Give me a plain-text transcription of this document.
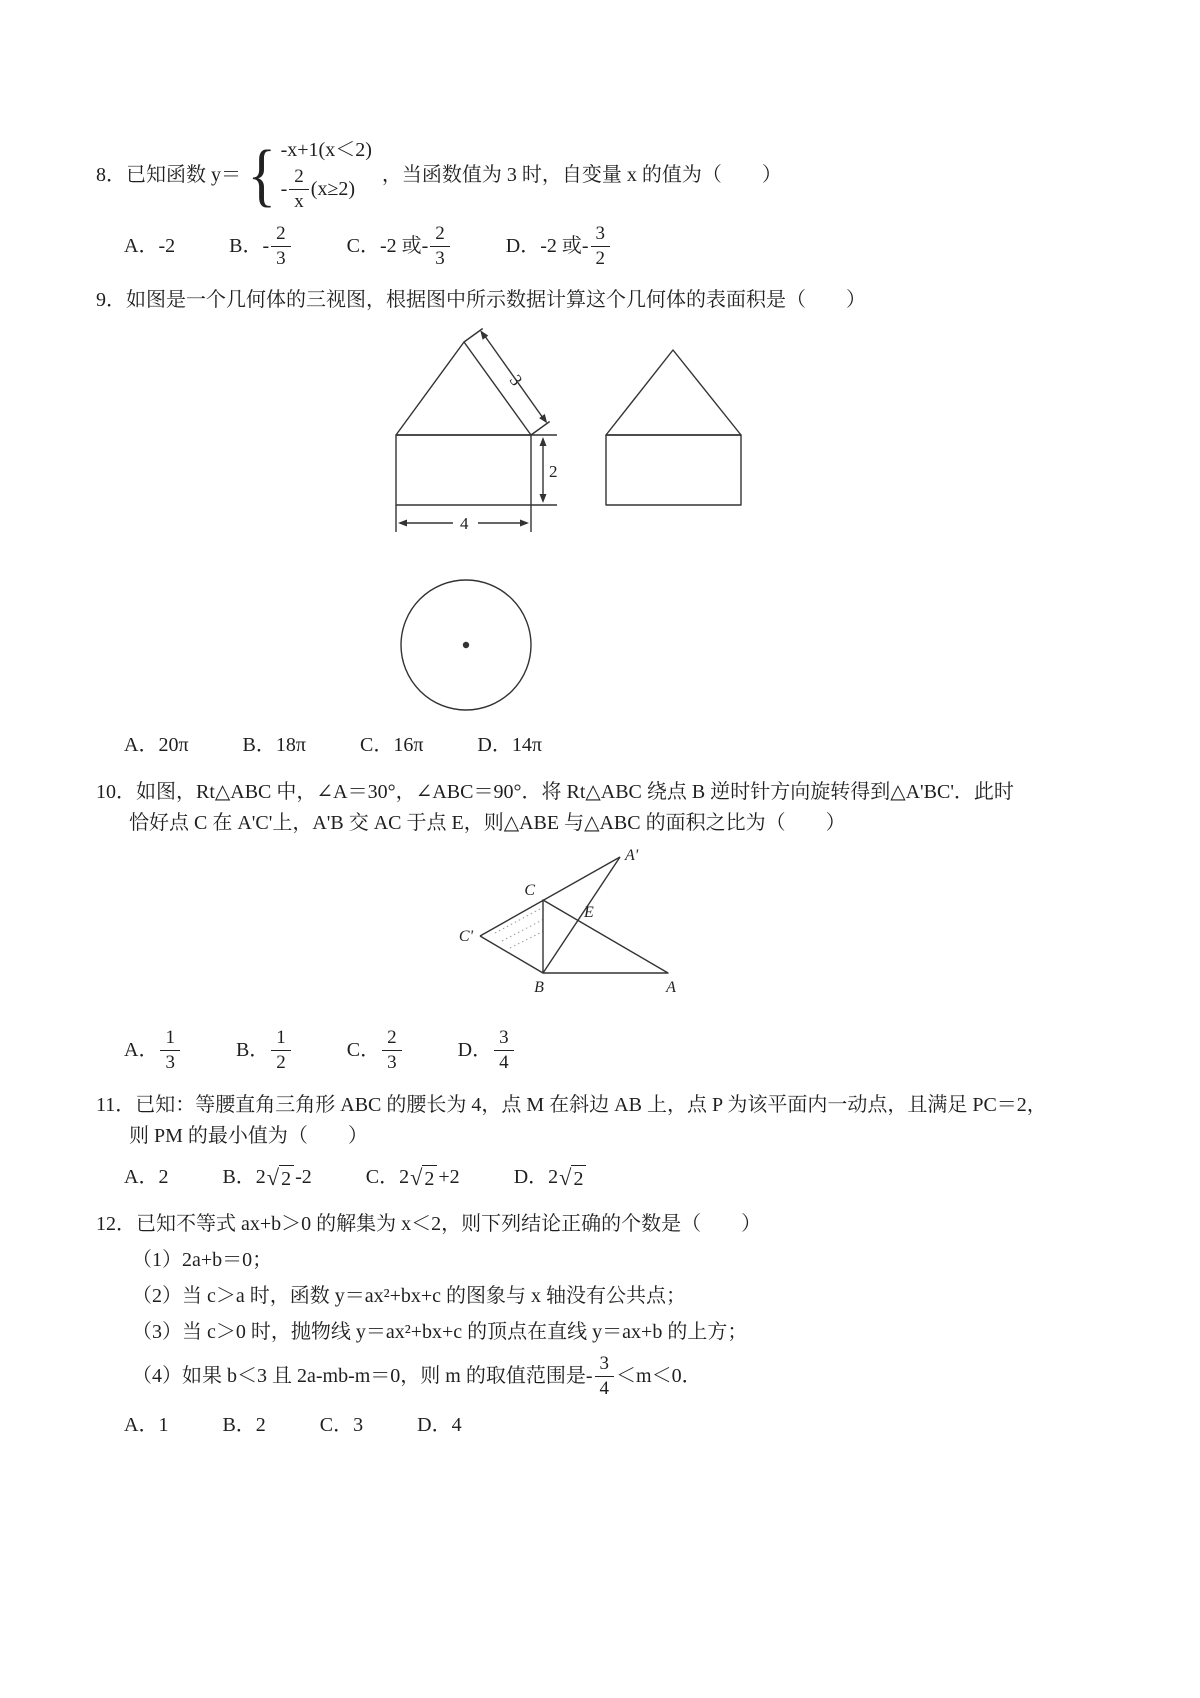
8．已知函数 y＝ { -x+1(x＜2)
- $\frac{2}{x} (x\ge 2)$
，当函数值为 3 时，自变量 x 的值为（　　）
A．-2	B．- $\frac{2}{3}$	C．-2 或- $\frac{2}{3}$	D．-2 或- $\frac{3}{2}$
9．如图是一个几何体的三视图，根据图中所示数据计算这个几何体的表面积是（　　）
3
2
4
A．20π	B．18π	C．16π	D．14π
10．如图，Rt△ABC 中，∠A＝30°，∠ABC＝90°．将 Rt△ABC 绕点 B 逆时针方向旋转得到△A'BC'．此时
恰好点 C 在 A'C'上，A'B 交 AC 于点 E，则△ABE 与△ABC 的面积之比为（　　）
A'
C
E
C'
B	A
A． $\frac{1}{3}$	B． $\frac{1}{2}$	C． $\frac{2}{3}$	D． $\frac{3}{4}$
11．已知：等腰直角三角形 ABC 的腰长为 4，点 M 在斜边 AB 上，点 P 为该平面内一动点，且满足 PC＝2，
则 PM 的最小值为（　　）
A．2	B．2 √ 2 -2	C．2 √ 2 +2	D．2 √ 2
12．已知不等式 ax+b＞0 的解集为 x＜2，则下列结论正确的个数是（　　）
（1）2a+b＝0；
（2）当 c＞a 时，函数 y＝ax²+bx+c 的图象与 x 轴没有公共点；
（3）当 c＞0 时，抛物线 y＝ax²+bx+c 的顶点在直线 y＝ax+b 的上方；
（4）如果 b＜3 且 2a-mb-m＝0，则 m 的取值范围是- $\frac{3}{4} <m<0$．
A．1	B．2	C．3	D．4
